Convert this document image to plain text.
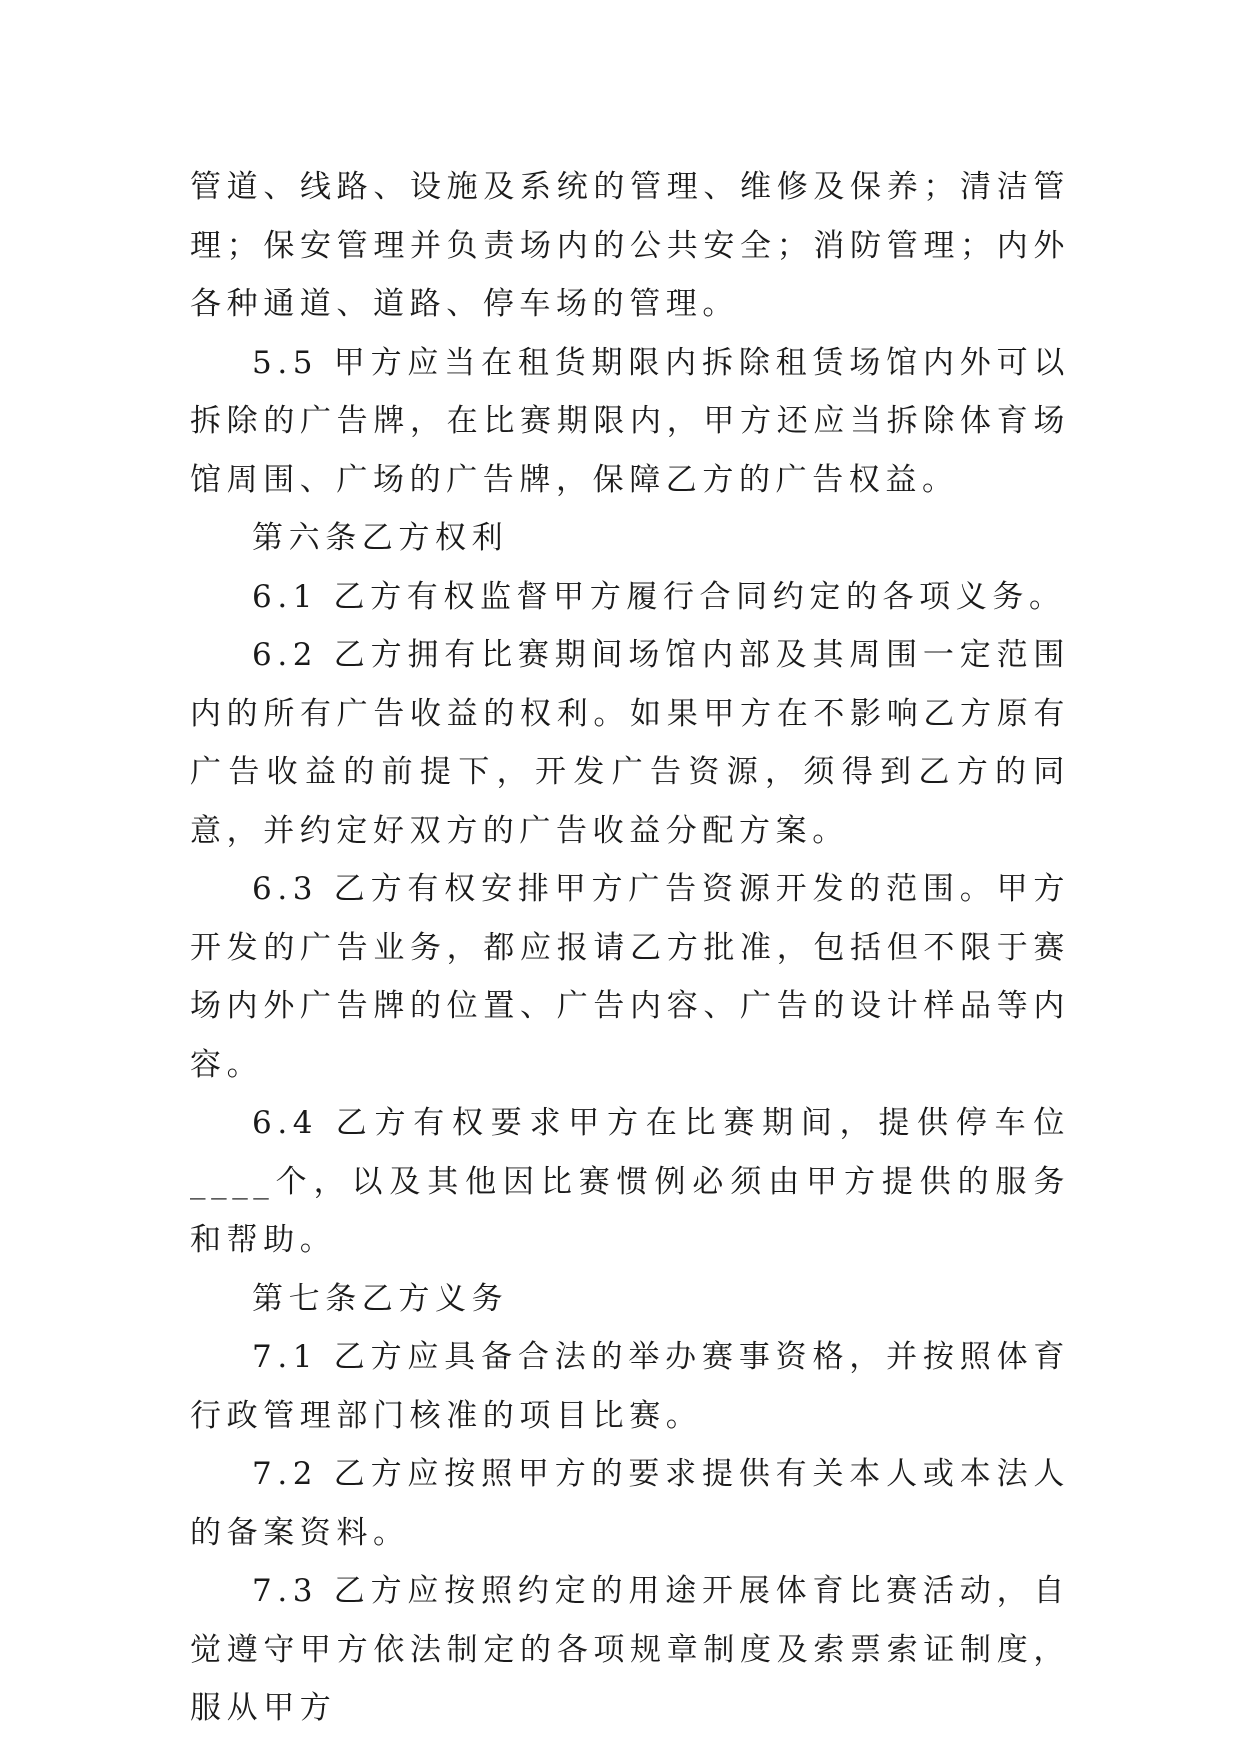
管道、线路、设施及系统的管理、维修及保养；清洁管理；保安管理并负责场内的公共安全；消防管理；内外各种通道、道路、停车场的管理。

5.5 甲方应当在租货期限内拆除租赁场馆内外可以拆除的广告牌，在比赛期限内，甲方还应当拆除体育场馆周围、广场的广告牌，保障乙方的广告权益。

第六条乙方权利

6.1 乙方有权监督甲方履行合同约定的各项义务。

6.2 乙方拥有比赛期间场馆内部及其周围一定范围内的所有广告收益的权利。如果甲方在不影响乙方原有广告收益的前提下，开发广告资源，须得到乙方的同意，并约定好双方的广告收益分配方案。

6.3 乙方有权安排甲方广告资源开发的范围。甲方开发的广告业务，都应报请乙方批准，包括但不限于赛场内外广告牌的位置、广告内容、广告的设计样品等内容。

6.4 乙方有权要求甲方在比赛期间，提供停车位____个，以及其他因比赛惯例必须由甲方提供的服务和帮助。

第七条乙方义务

7.1 乙方应具备合法的举办赛事资格，并按照体育行政管理部门核准的项目比赛。

7.2 乙方应按照甲方的要求提供有关本人或本法人的备案资料。

7.3 乙方应按照约定的用途开展体育比赛活动，自觉遵守甲方依法制定的各项规章制度及索票索证制度，服从甲方
